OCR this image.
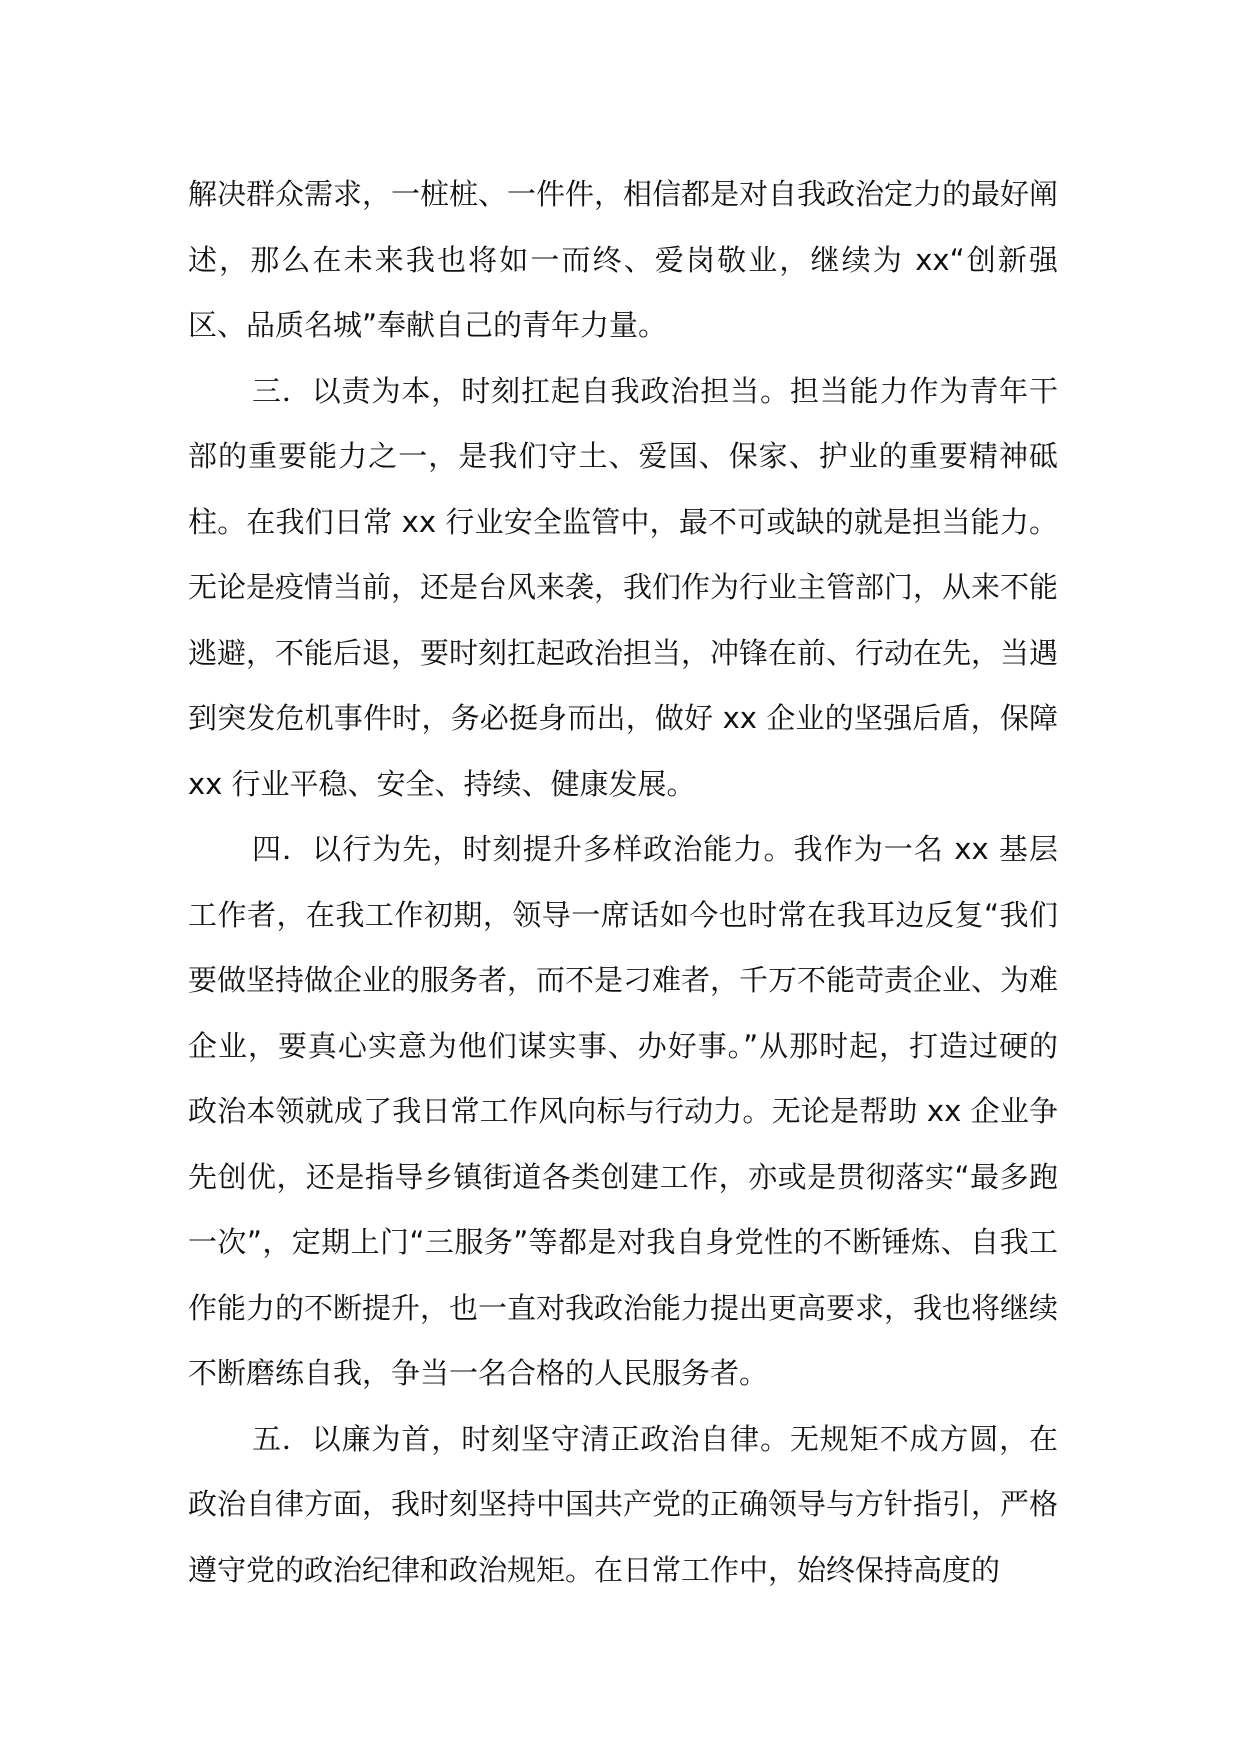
解决群众需求，一桩桩、一件件，相信都是对自我政治定力的最好阐述，那么在未来我也将如一而终、爱岗敬业，继续为 xx“创新强区、品质名城”奉献自己的青年力量。

三．以责为本，时刻扛起自我政治担当。担当能力作为青年干部的重要能力之一，是我们守土、爱国、保家、护业的重要精神砥柱。在我们日常 xx 行业安全监管中，最不可或缺的就是担当能力。无论是疫情当前，还是台风来袭，我们作为行业主管部门，从来不能逃避，不能后退，要时刻扛起政治担当，冲锋在前、行动在先，当遇到突发危机事件时，务必挺身而出，做好 xx 企业的坚强后盾，保障 xx 行业平稳、安全、持续、健康发展。

四．以行为先，时刻提升多样政治能力。我作为一名 xx 基层工作者，在我工作初期，领导一席话如今也时常在我耳边反复“我们要做坚持做企业的服务者，而不是刁难者，千万不能苛责企业、为难企业，要真心实意为他们谋实事、办好事。”从那时起，打造过硬的政治本领就成了我日常工作风向标与行动力。无论是帮助 xx 企业争先创优，还是指导乡镇街道各类创建工作，亦或是贯彻落实“最多跑一次”，定期上门“三服务”等都是对我自身党性的不断锤炼、自我工作能力的不断提升，也一直对我政治能力提出更高要求，我也将继续不断磨练自我，争当一名合格的人民服务者。

五．以廉为首，时刻坚守清正政治自律。无规矩不成方圆，在政治自律方面，我时刻坚持中国共产党的正确领导与方针指引，严格遵守党的政治纪律和政治规矩。在日常工作中，始终保持高度的
